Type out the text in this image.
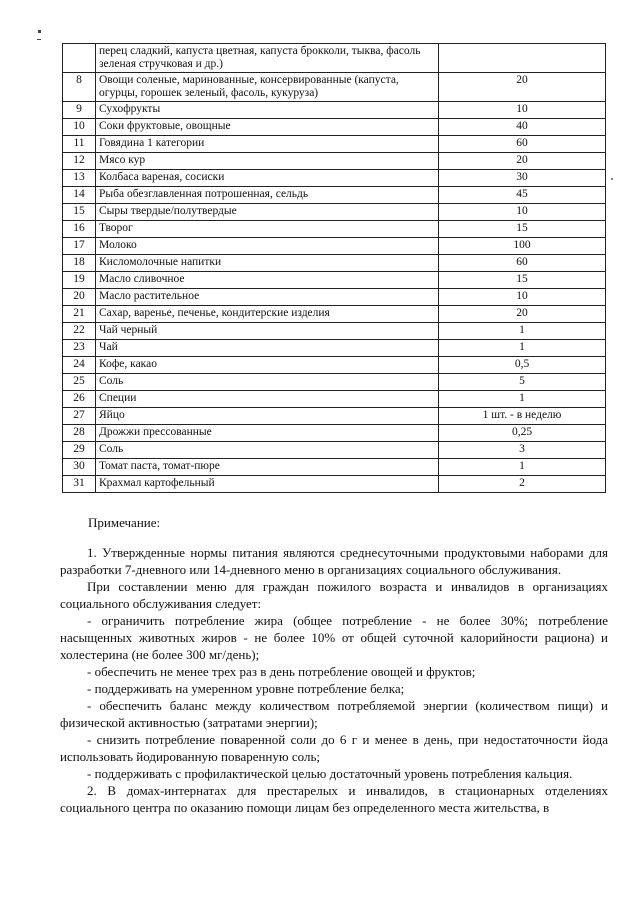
	перец сладкий, капуста цветная, капуста брокколи, тыква, фасоль зеленая стручковая и др.)	
8	Овощи соленые, маринованные, консервированные (капуста, огурцы, горошек зеленый, фасоль, кукуруза)	20
9	Сухофрукты	10
10	Соки фруктовые, овощные	40
11	Говядина 1 категории	60
12	Мясо кур	20
13	Колбаса вареная, сосиски	30
14	Рыба обезглавленная потрошенная, сельдь	45
15	Сыры твердые/полутвердые	10
16	Творог	15
17	Молоко	100
18	Кисломолочные напитки	60
19	Масло сливочное	15
20	Масло растительное	10
21	Сахар, варенье, печенье, кондитерские изделия	20
22	Чай черный	1
23	Чай	1
24	Кофе, какао	0,5
25	Соль	5
26	Специи	1
27	Яйцо	1 шт. - в неделю
28	Дрожжи прессованные	0,25
29	Соль	3
30	Томат паста, томат-пюре	1
31	Крахмал картофельный	2
Примечание:

1. Утвержденные нормы питания являются среднесуточными продуктовыми наборами для разработки 7-дневного или 14-дневного меню в организациях социального обслуживания.

При составлении меню для граждан пожилого возраста и инвалидов в организациях социального обслуживания следует:

- ограничить потребление жира (общее потребление - не более 30%; потребление насыщенных животных жиров - не более 10% от общей суточной калорийности рациона) и холестерина (не более 300 мг/день);

- обеспечить не менее трех раз в день потребление овощей и фруктов;

- поддерживать на умеренном уровне потребление белка;

- обеспечить баланс между количеством потребляемой энергии (количеством пищи) и физической активностью (затратами энергии);

- снизить потребление поваренной соли до 6 г и менее в день, при недостаточности йода использовать йодированную поваренную соль;

- поддерживать с профилактической целью достаточный уровень потребления кальция.

2. В домах-интернатах для престарелых и инвалидов, в стационарных отделениях социального центра по оказанию помощи лицам без определенного места жительства, в
